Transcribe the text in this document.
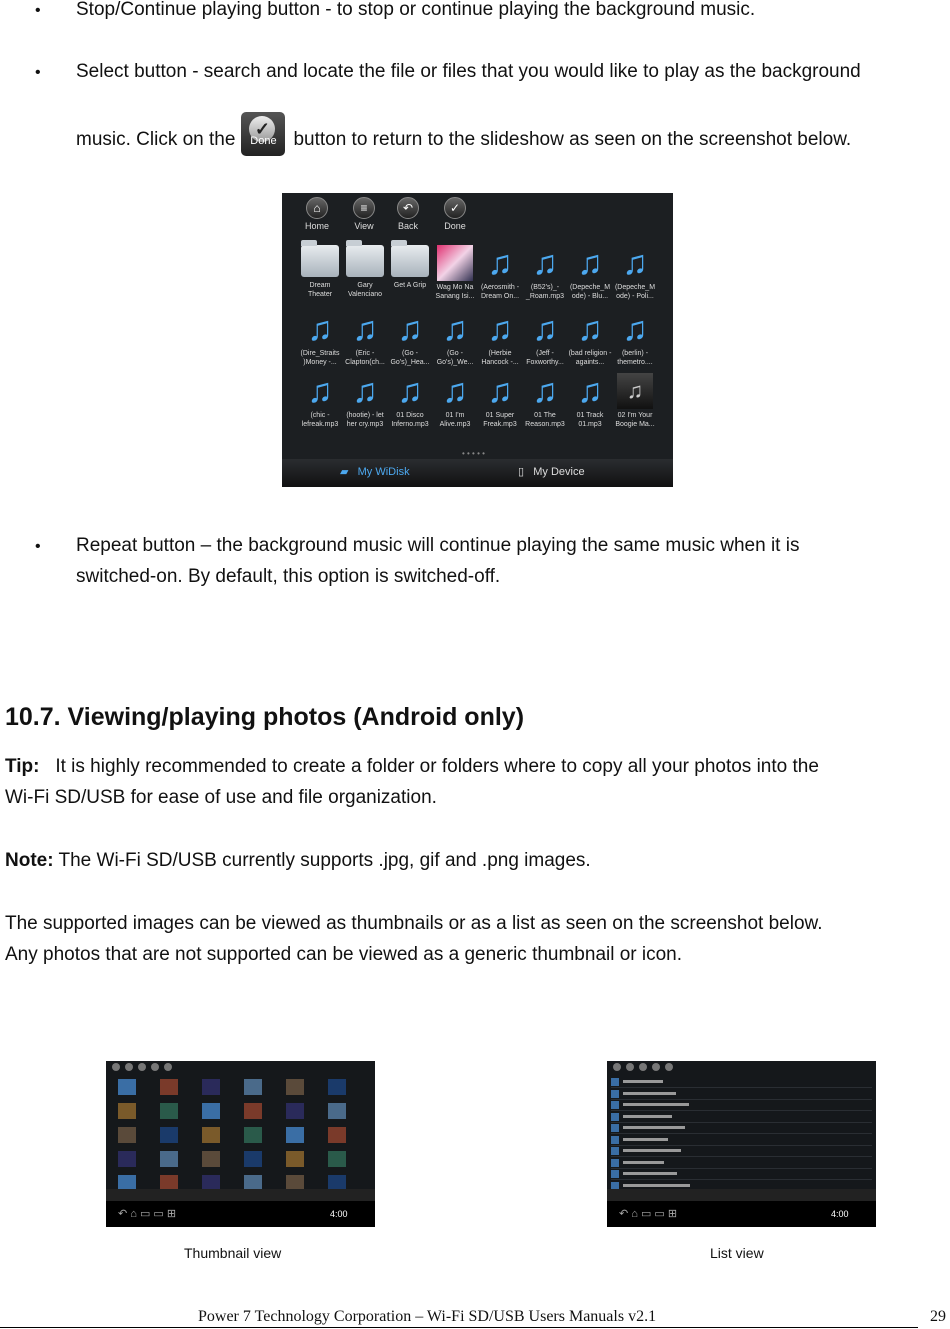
• Stop/Continue playing button - to stop or continue playing the background music.
• Select button - search and locate the file or files that you would like to play as the background
music. Click on the
✓
Done button to return to the slideshow as seen on the screenshot below.
⌂
Home
≡
View
↶
Back
✓
Done
Dream Theater
Gary Valenciano
Get A Grip	Wag Mo Na Sanang Isi...
♫
(Aerosmith - Dream On...
♫
(B52's)_- _Roam.mp3
♫
(Depeche_M ode) - Blu...
♫
(Depeche_M ode) - Poli...
♫
(Dire_Straits )Money -...
♫
(Eric - Clapton(ch...
♫
(Go - Go's)_Hea...
♫
(Go - Go's)_We...
♫
(Herbie Hancock -...
♫
(Jeff - Foxworthy...
♫
(bad religion - againts...
♫
(berlin) - themetro....
♫
(chic - lefreak.mp3
♫
(hootie) - let her cry.mp3
♫
01 Disco Inferno.mp3
♫
01 I'm Alive.mp3
♫
01 Super Freak.mp3
♫
01 The Reason.mp3
♫
01 Track 01.mp3
♫
02 I'm Your Boogie Ma...
• • • • •
▰ My WiDisk	▯ My Device
• Repeat button – the background music will continue playing the same music when it is
switched-on. By default, this option is switched-off.
10.7. Viewing/playing photos (Android only)
Tip: It is highly recommended to create a folder or folders where to copy all your photos into the
Wi-Fi SD/USB for ease of use and file organization.
Note: The Wi-Fi SD/USB currently supports .jpg, gif and .png images.
The supported images can be viewed as thumbnails or as a list as seen on the screenshot below.
Any photos that are not supported can be viewed as a generic thumbnail or icon.
↶ ⌂ ▭ ▭ ⊞	4:00	↶ ⌂ ▭ ▭ ⊞	4:00
Thumbnail view	List view
Power 7 Technology Corporation – Wi-Fi SD/USB Users Manuals v2.1	29
